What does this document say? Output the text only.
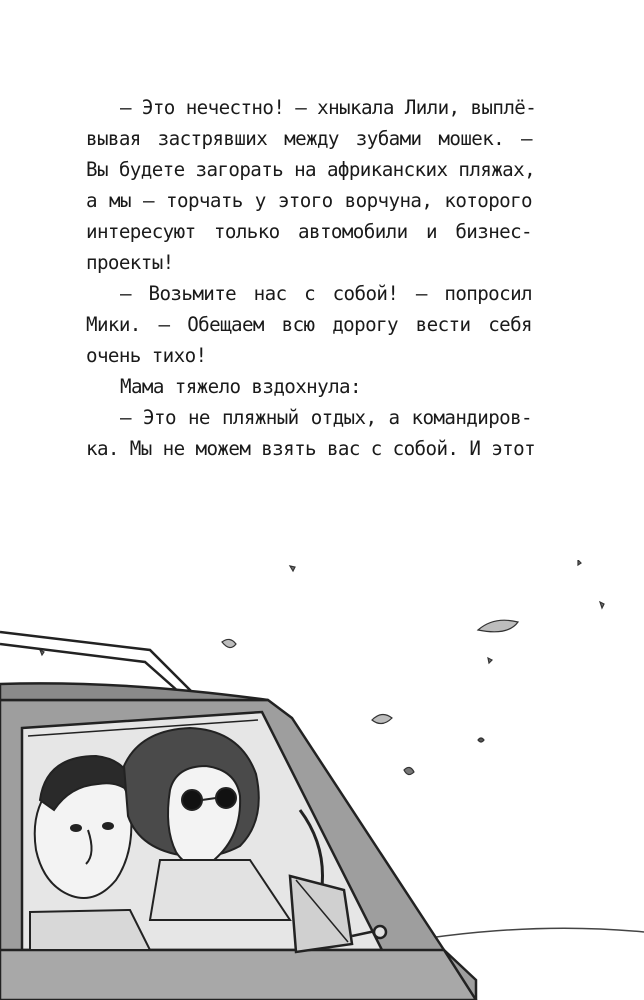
— Это нечестно! — хныкала Лили, выплё-
вывая застрявших между зубами мошек. —
Вы будете загорать на африканских пляжах,
а мы — торчать у этого ворчуна, которого
интересуют только автомобили и бизнес-
проекты!
— Возьмите нас с собой! — попросил
Мики. — Обещаем всю дорогу вести себя
очень тихо!
Мама тяжело вздохнула:
— Это не пляжный отдых, а командиров-
ка. Мы не можем взять вас с собой. И этот
